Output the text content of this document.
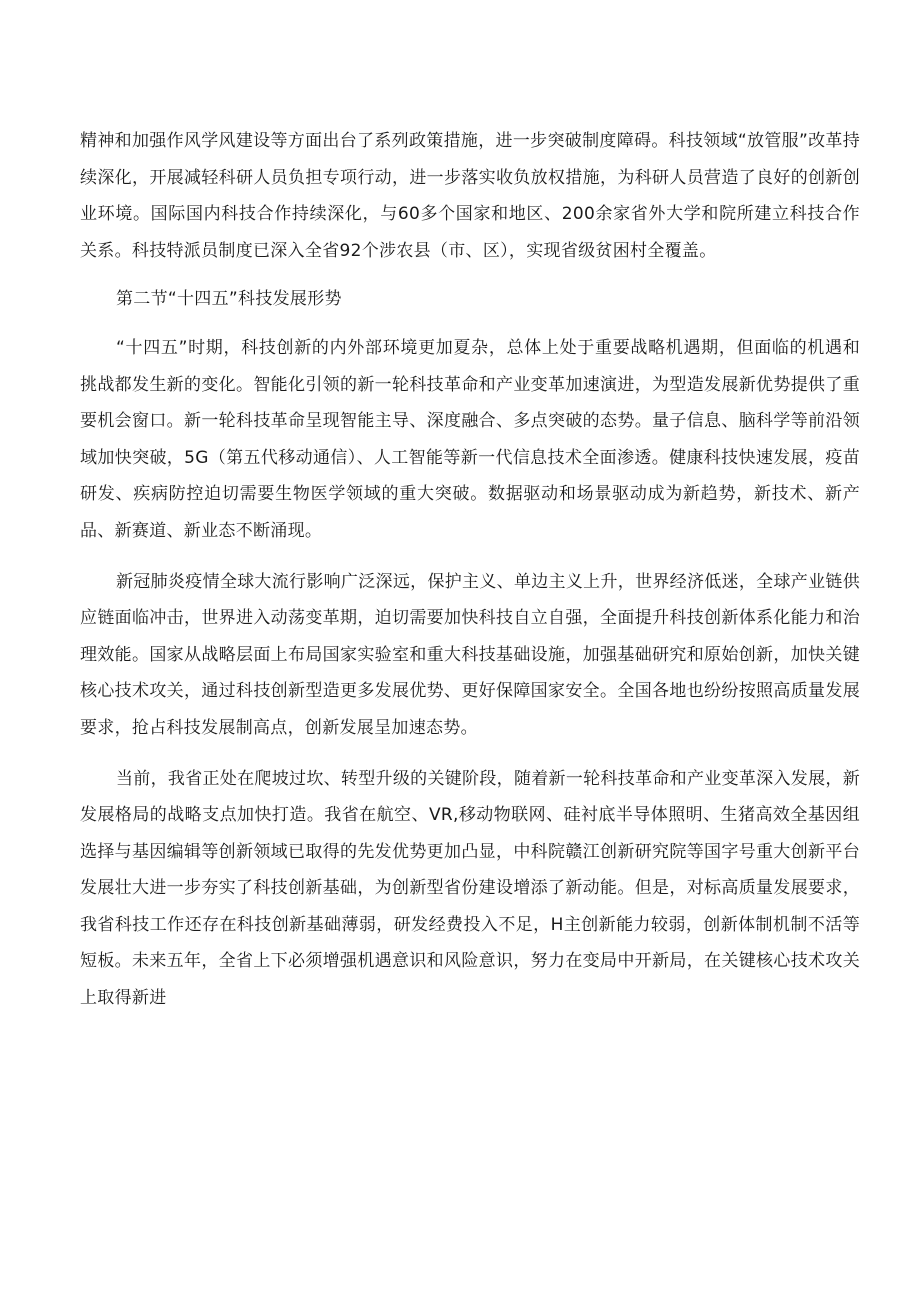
精神和加强作风学风建设等方面出台了系列政策措施，进一步突破制度障碍。科技领域“放管服”改革持续深化，开展减轻科研人员负担专项行动，进一步落实收负放权措施，为科研人员营造了良好的创新创业环境。国际国内科技合作持续深化，与60多个国家和地区、200余家省外大学和院所建立科技合作关系。科技特派员制度已深入全省92个涉农县（市、区），实现省级贫困村全覆盖。

第二节“十四五”科技发展形势

“十四五”时期，科技创新的内外部环境更加夏杂，总体上处于重要战略机遇期，但面临的机遇和挑战都发生新的变化。智能化引领的新一轮科技革命和产业变革加速演进，为型造发展新优势提供了重要机会窗口。新一轮科技革命呈现智能主导、深度融合、多点突破的态势。量子信息、脑科学等前沿领域加快突破，5G（第五代移动通信）、人工智能等新一代信息技术全面渗透。健康科技快速发展，疫苗研发、疾病防控迫切需要生物医学领域的重大突破。数据驱动和场景驱动成为新趋势，新技术、新产品、新赛道、新业态不断涌现。

新冠肺炎疫情全球大流行影响广泛深远，保护主义、单边主义上升，世界经济低迷，全球产业链供应链面临冲击，世界进入动荡变革期，迫切需要加快科技自立自强，全面提升科技创新体系化能力和治理效能。国家从战略层面上布局国家实验室和重大科技基础设施，加强基础研究和原始创新，加快关键核心技术攻关，通过科技创新型造更多发展优势、更好保障国家安全。全国各地也纷纷按照高质量发展要求，抢占科技发展制高点，创新发展呈加速态势。

当前，我省正处在爬坡过坎、转型升级的关键阶段，随着新一轮科技革命和产业变革深入发展，新发展格局的战略支点加快打造。我省在航空、VR,移动物联网、硅衬底半导体照明、生猪高效全基因组选择与基因编辑等创新领域已取得的先发优势更加凸显，中科院赣江创新研究院等国字号重大创新平台发展壮大进一步夯实了科技创新基础，为创新型省份建设增添了新动能。但是，对标高质量发展要求，我省科技工作还存在科技创新基础薄弱，研发经费投入不足，H主创新能力较弱，创新体制机制不活等短板。未来五年，全省上下必须增强机遇意识和风险意识，努力在变局中开新局，在关键核心技术攻关上取得新进
